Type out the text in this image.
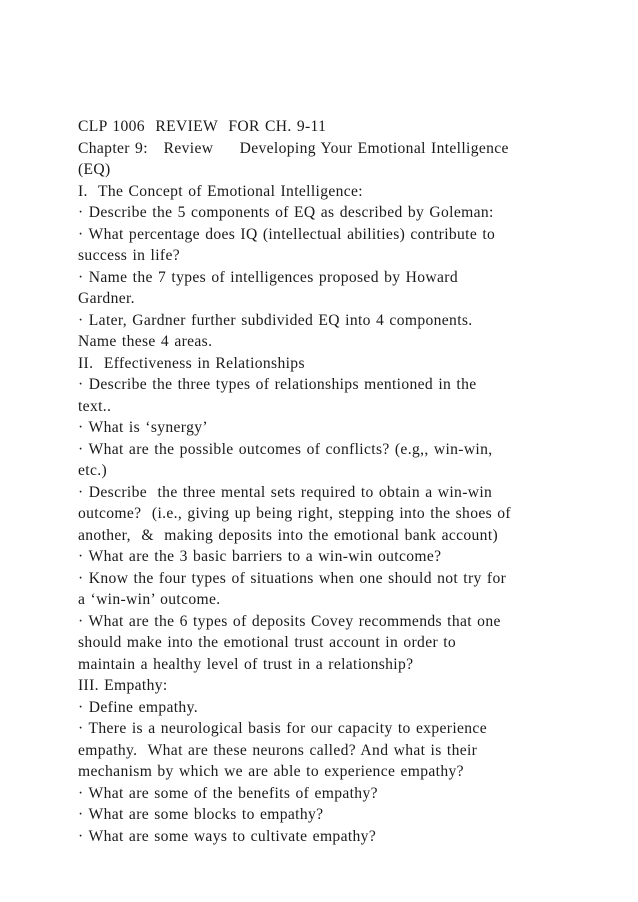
CLP 1006  REVIEW  FOR CH. 9-11
Chapter 9:   Review     Developing Your Emotional Intelligence
(EQ)
I.  The Concept of Emotional Intelligence:
· Describe the 5 components of EQ as described by Goleman:
· What percentage does IQ (intellectual abilities) contribute to
success in life?
· Name the 7 types of intelligences proposed by Howard
Gardner.
· Later, Gardner further subdivided EQ into 4 components.
Name these 4 areas.
II.  Effectiveness in Relationships
· Describe the three types of relationships mentioned in the
text..
· What is ‘synergy’
· What are the possible outcomes of conflicts? (e.g,, win-win,
etc.)
· Describe  the three mental sets required to obtain a win-win
outcome?  (i.e., giving up being right, stepping into the shoes of
another,  &  making deposits into the emotional bank account)
· What are the 3 basic barriers to a win-win outcome?
· Know the four types of situations when one should not try for
a ‘win-win’ outcome.
· What are the 6 types of deposits Covey recommends that one
should make into the emotional trust account in order to
maintain a healthy level of trust in a relationship?
III. Empathy:
· Define empathy.
· There is a neurological basis for our capacity to experience
empathy.  What are these neurons called? And what is their
mechanism by which we are able to experience empathy?
· What are some of the benefits of empathy?
· What are some blocks to empathy?
· What are some ways to cultivate empathy?
